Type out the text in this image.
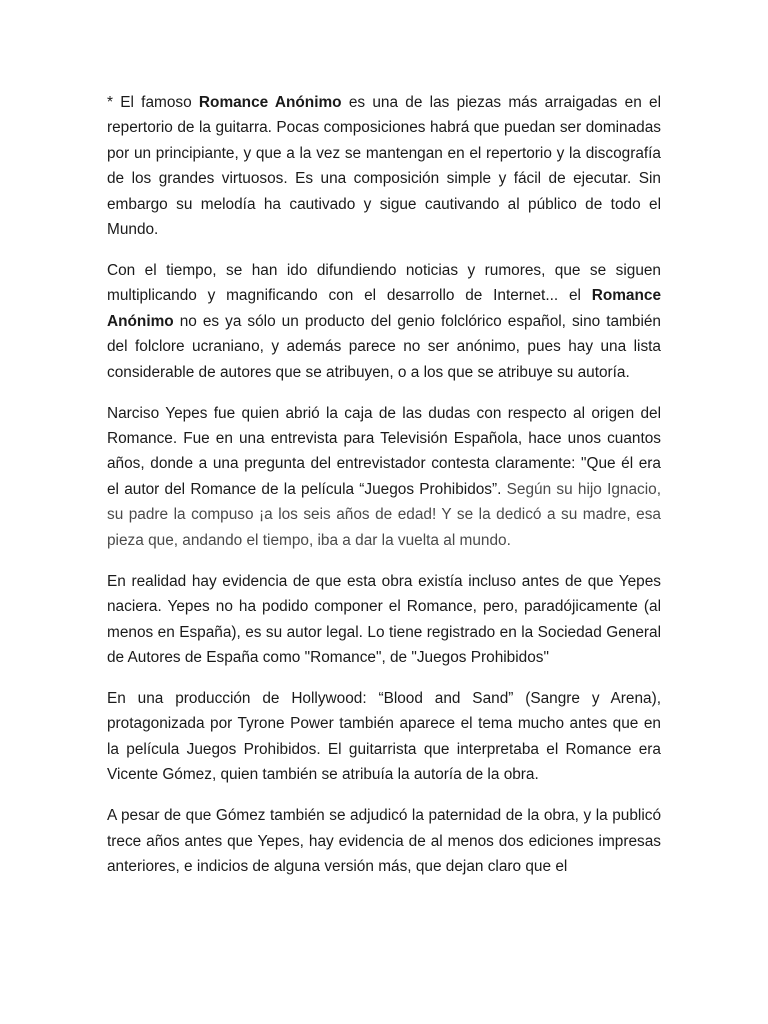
* El famoso Romance Anónimo es una de las piezas más arraigadas en el repertorio de la guitarra. Pocas composiciones habrá que puedan ser dominadas por un principiante, y que a la vez se mantengan en el repertorio y la discografía de los grandes virtuosos. Es una composición simple y fácil de ejecutar. Sin embargo su melodía ha cautivado y sigue cautivando al público de todo el Mundo.

Con el tiempo, se han ido difundiendo noticias y rumores, que se siguen multiplicando y magnificando con el desarrollo de Internet... el Romance Anónimo no es ya sólo un producto del genio folclórico español, sino también del folclore ucraniano, y además parece no ser anónimo, pues hay una lista considerable de autores que se atribuyen, o a los que se atribuye su autoría.

Narciso Yepes fue quien abrió la caja de las dudas con respecto al origen del Romance. Fue en una entrevista para Televisión Española, hace unos cuantos años, donde a una pregunta del entrevistador contesta claramente: "Que él era el autor del Romance de la película “Juegos Prohibidos”. Según su hijo Ignacio, su padre la compuso ¡a los seis años de edad! Y se la dedicó a su madre, esa pieza que, andando el tiempo, iba a dar la vuelta al mundo.

En realidad hay evidencia de que esta obra existía incluso antes de que Yepes naciera. Yepes no ha podido componer el Romance, pero, paradójicamente (al menos en España), es su autor legal. Lo tiene registrado en la Sociedad General de Autores de España como "Romance", de "Juegos Prohibidos"

En una producción de Hollywood: “Blood and Sand” (Sangre y Arena), protagonizada por Tyrone Power también aparece el tema mucho antes que en la película Juegos Prohibidos. El guitarrista que interpretaba el Romance era Vicente Gómez, quien también se atribuía la autoría de la obra.

A pesar de que Gómez también se adjudicó la paternidad de la obra, y la publicó trece años antes que Yepes, hay evidencia de al menos dos ediciones impresas anteriores, e indicios de alguna versión más, que dejan claro que el
